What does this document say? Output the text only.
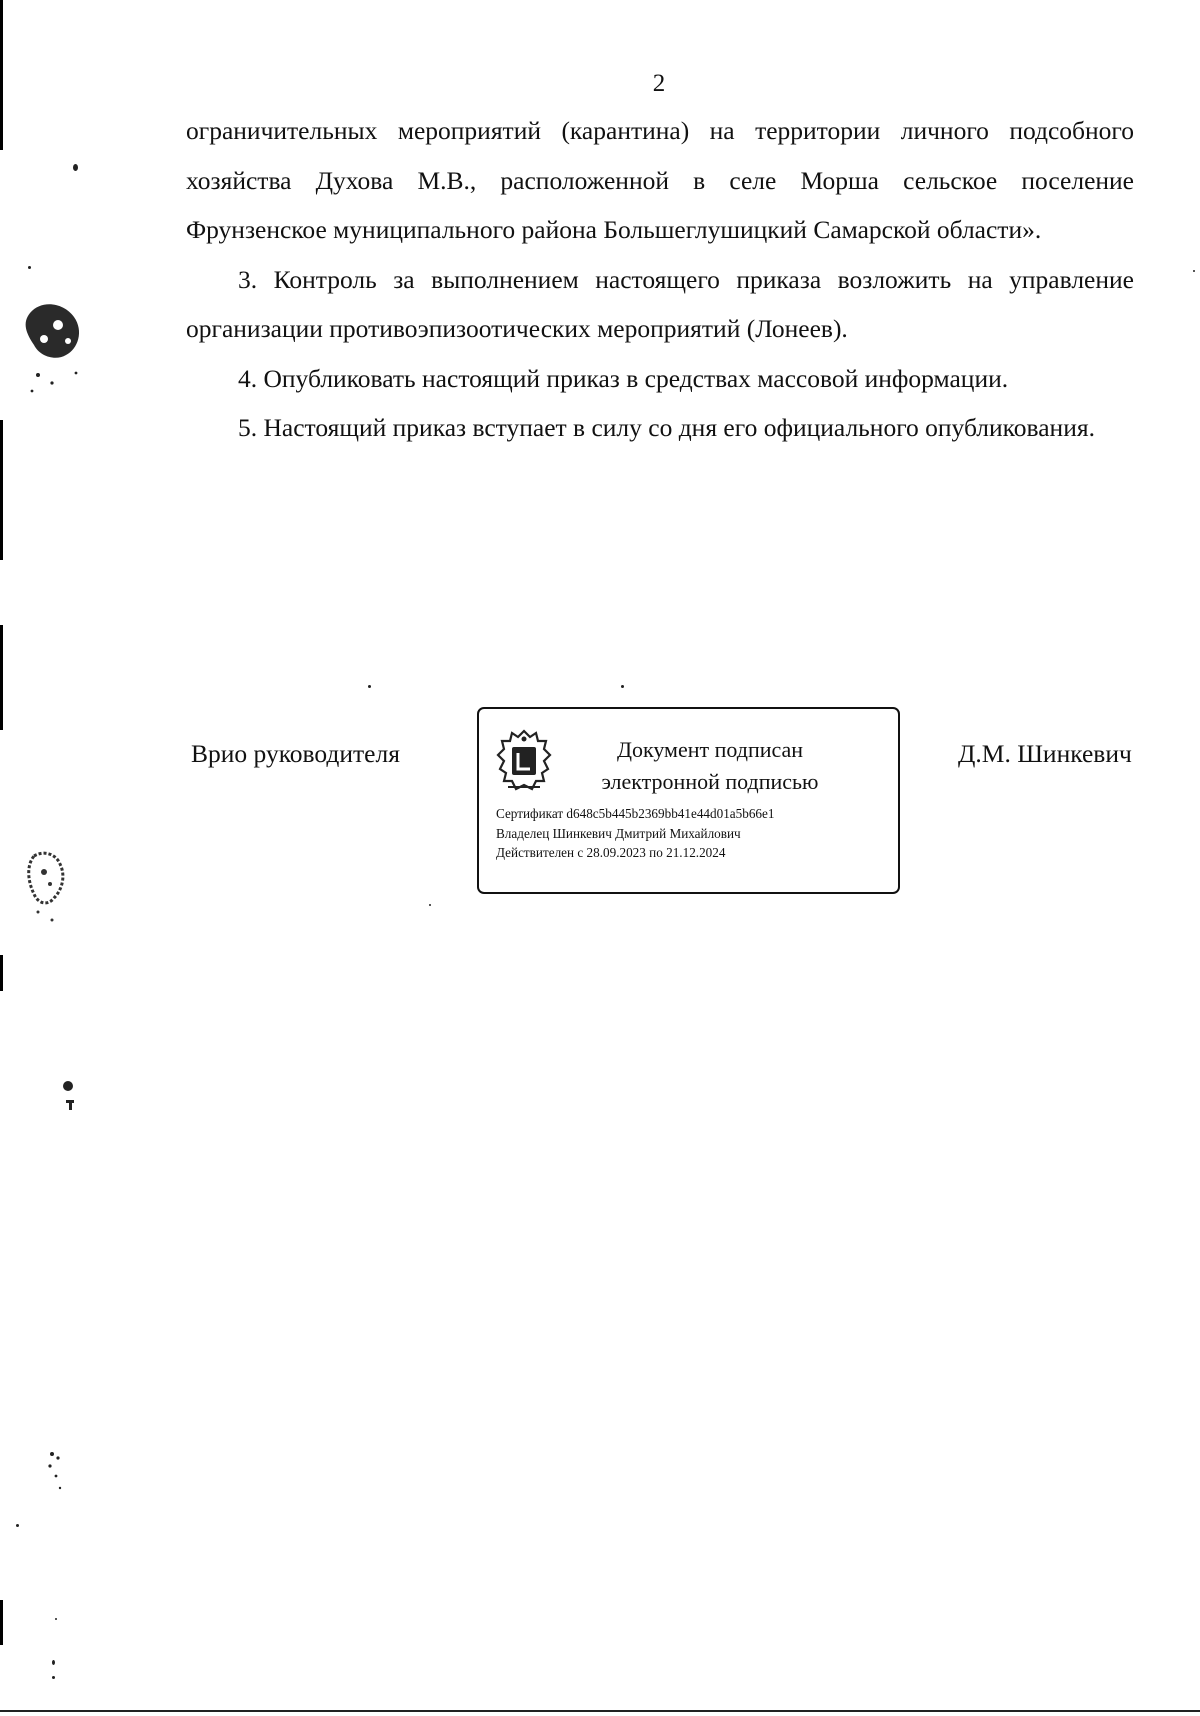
2

ограничительных мероприятий (карантина) на территории личного подсобного хозяйства Духова М.В., расположенной в селе Морша сельское поселение Фрунзенское муниципального района Большеглушицкий Самарской области».

3. Контроль за выполнением настоящего приказа возложить на управление организации противоэпизоотических мероприятий (Лонеев).

4. Опубликовать настоящий приказ в средствах массовой информации.

5. Настоящий приказ вступает в силу со дня его официального опубликования.

Врио руководителя	Документ подписан
электронной подписью
Сертификат d648c5b445b2369bb41e44d01a5b66e1
Владелец Шинкевич Дмитрий Михайлович
Действителен с 28.09.2023 по 21.12.2024
Д.М. Шинкевич
